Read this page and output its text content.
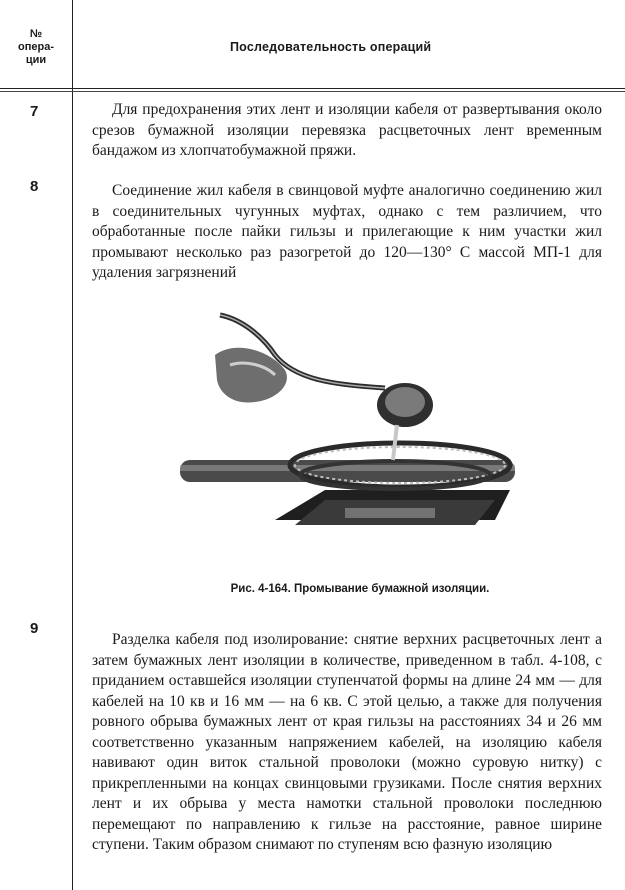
№
опера-
ции
Последовательность операций
7	Для предохранения этих лент и изоляции кабеля от развертывания около срезов бумажной изоляции перевязка расцветочных лент временным бандажом из хлопчатобумажной пряжи.
8	Соединение жил кабеля в свинцовой муфте аналогично соединению жил в соединительных чугунных муфтах, однако с тем различием, что обработанные после пайки гильзы и прилегающие к ним участки жил промывают несколько раз разогретой до 120—130° С массой МП-1 для удаления загрязнений
Рис. 4-164. Промывание бумажной изоляции.
9
Разделка кабеля под изолирование: снятие верхних расцветочных лент а затем бумажных лент изоляции в количестве, приведенном в табл. 4-108, с приданием оставшейся изоляции ступенчатой формы на длине 24 мм — для кабелей на 10 кв и 16 мм — на 6 кв. С этой целью, а также для получения ровного обрыва бумажных лент от края гильзы на расстояниях 34 и 26 мм соответственно указанным напряжением кабелей, на изоляцию кабеля навивают один виток стальной проволоки (можно суровую нитку) с прикрепленными на концах свинцовыми грузиками. После снятия верхних лент и их обрыва у места намотки стальной проволоки последнюю перемещают по направлению к гильзе на расстояние, равное ширине ступени. Таким образом снимают по ступеням всю фазную изоляцию
